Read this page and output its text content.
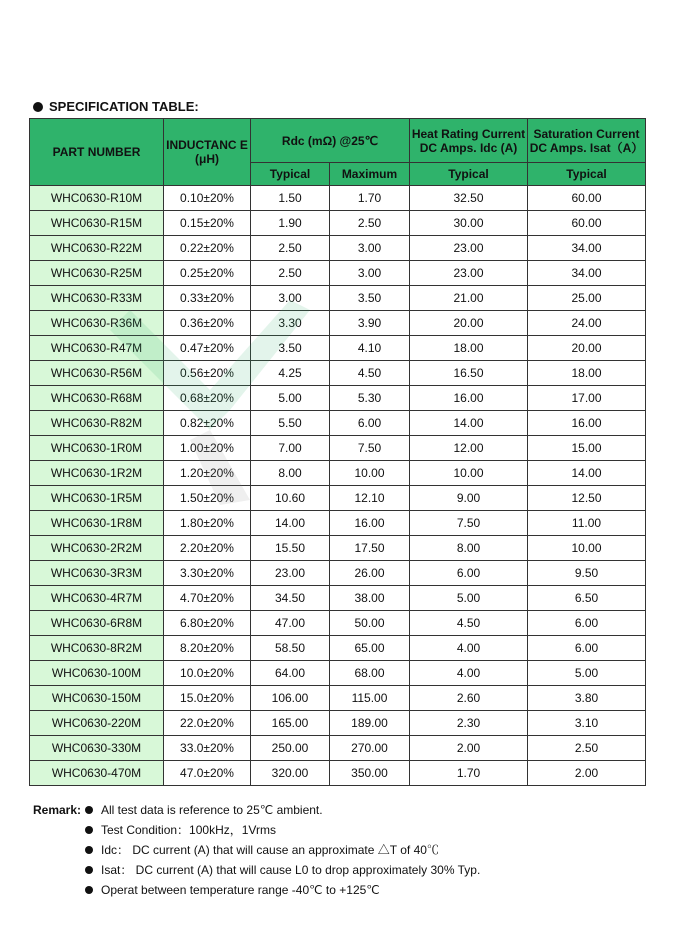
SPECIFICATION TABLE:
PART NUMBER	INDUCTANC E (μH)	Rdc (mΩ) @25℃		Heat Rating Current DC Amps. Idc (A)	Saturation Current DC Amps. Isat（A）
		Typical	Maximum	Typical	Typical
WHC0630-R10M	0.10±20%	1.50	1.70	32.50	60.00
WHC0630-R15M	0.15±20%	1.90	2.50	30.00	60.00
WHC0630-R22M	0.22±20%	2.50	3.00	23.00	34.00
WHC0630-R25M	0.25±20%	2.50	3.00	23.00	34.00
WHC0630-R33M	0.33±20%	3.00	3.50	21.00	25.00
WHC0630-R36M	0.36±20%	3.30	3.90	20.00	24.00
WHC0630-R47M	0.47±20%	3.50	4.10	18.00	20.00
WHC0630-R56M	0.56±20%	4.25	4.50	16.50	18.00
WHC0630-R68M	0.68±20%	5.00	5.30	16.00	17.00
WHC0630-R82M	0.82±20%	5.50	6.00	14.00	16.00
WHC0630-1R0M	1.00±20%	7.00	7.50	12.00	15.00
WHC0630-1R2M	1.20±20%	8.00	10.00	10.00	14.00
WHC0630-1R5M	1.50±20%	10.60	12.10	9.00	12.50
WHC0630-1R8M	1.80±20%	14.00	16.00	7.50	11.00
WHC0630-2R2M	2.20±20%	15.50	17.50	8.00	10.00
WHC0630-3R3M	3.30±20%	23.00	26.00	6.00	9.50
WHC0630-4R7M	4.70±20%	34.50	38.00	5.00	6.50
WHC0630-6R8M	6.80±20%	47.00	50.00	4.50	6.00
WHC0630-8R2M	8.20±20%	58.50	65.00	4.00	6.00
WHC0630-100M	10.0±20%	64.00	68.00	4.00	5.00
WHC0630-150M	15.0±20%	106.00	115.00	2.60	3.80
WHC0630-220M	22.0±20%	165.00	189.00	2.30	3.10
WHC0630-330M	33.0±20%	250.00	270.00	2.00	2.50
WHC0630-470M	47.0±20%	320.00	350.00	1.70	2.00
Remark: All test data is reference to 25℃ ambient.
Test Condition：100kHz，1Vrms
Idc： DC current (A) that will cause an approximate △T of 40℃
Isat： DC current (A) that will cause L0 to drop approximately 30% Typ.
Operat between temperature range -40℃ to +125℃
